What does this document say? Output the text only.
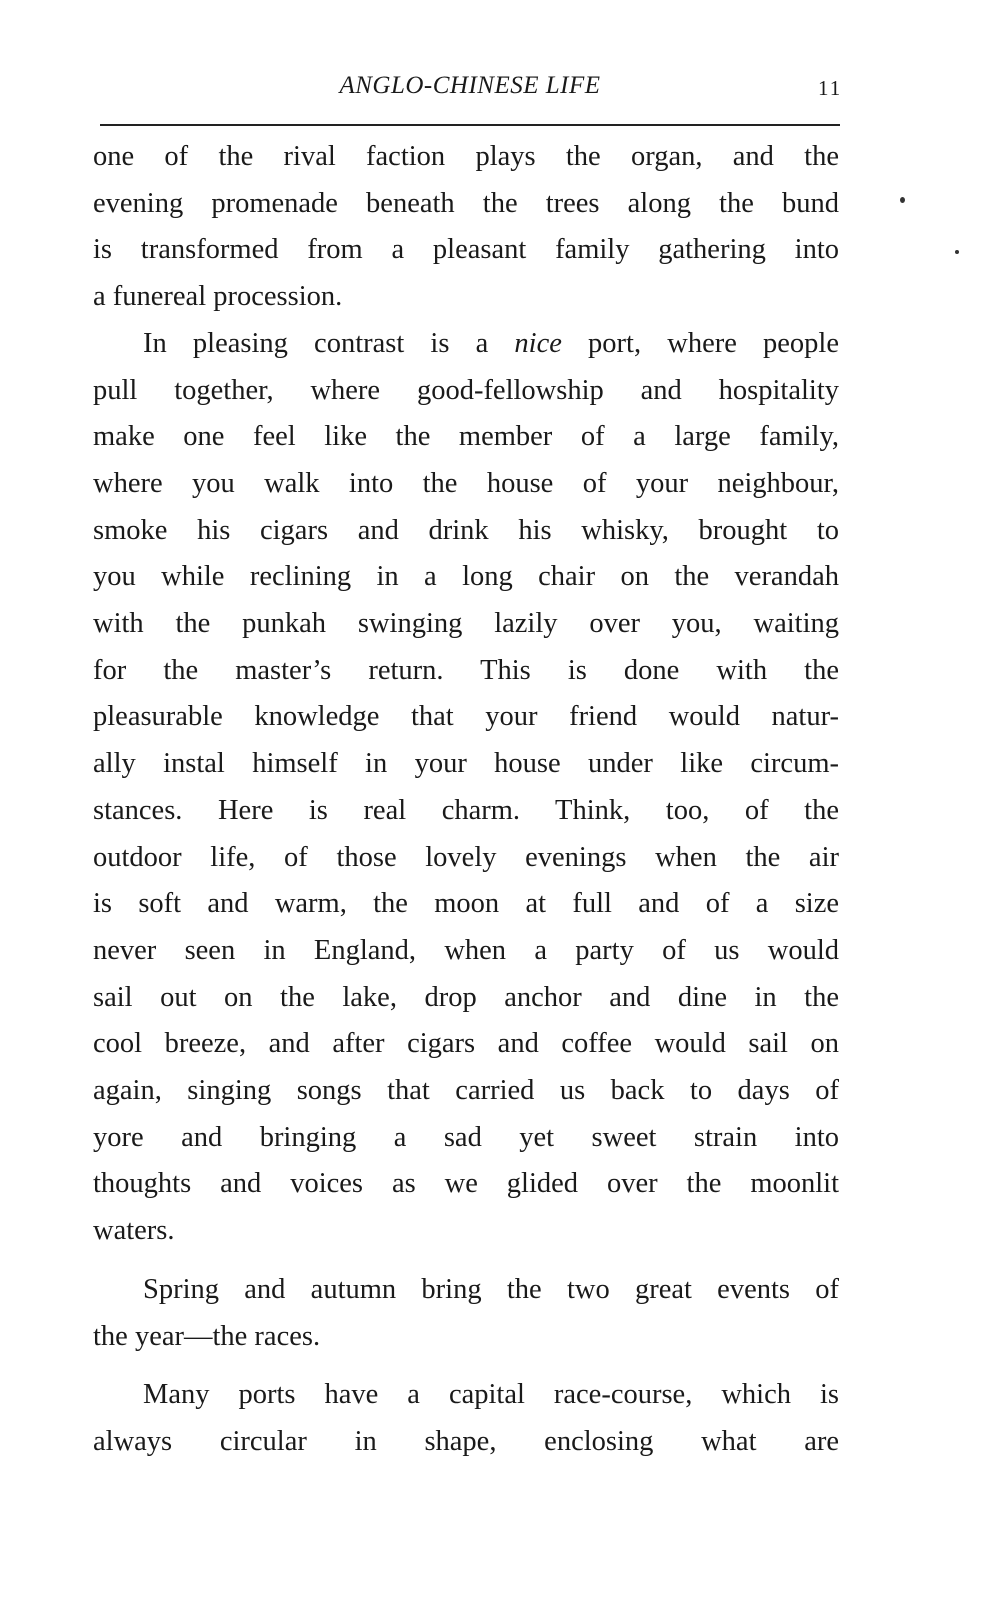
ANGLO-CHINESE LIFE	11
one of the rival faction plays the organ, and the
evening promenade beneath the trees along the bund
is transformed from a pleasant family gathering into
a funereal procession.
In pleasing contrast is a nice port, where people
pull together, where good-fellowship and hospitality
make one feel like the member of a large family,
where you walk into the house of your neighbour,
smoke his cigars and drink his whisky, brought to
you while reclining in a long chair on the verandah
with the punkah swinging lazily over you, waiting
for the master’s return. This is done with the
pleasurable knowledge that your friend would natur-
ally instal himself in your house under like circum-
stances. Here is real charm. Think, too, of the
outdoor life, of those lovely evenings when the air
is soft and warm, the moon at full and of a size
never seen in England, when a party of us would
sail out on the lake, drop anchor and dine in the
cool breeze, and after cigars and coffee would sail on
again, singing songs that carried us back to days of
yore and bringing a sad yet sweet strain into
thoughts and voices as we glided over the moonlit
waters.
Spring and autumn bring the two great events of
the year—the races.
Many ports have a capital race-course, which is
always circular in shape, enclosing what are
